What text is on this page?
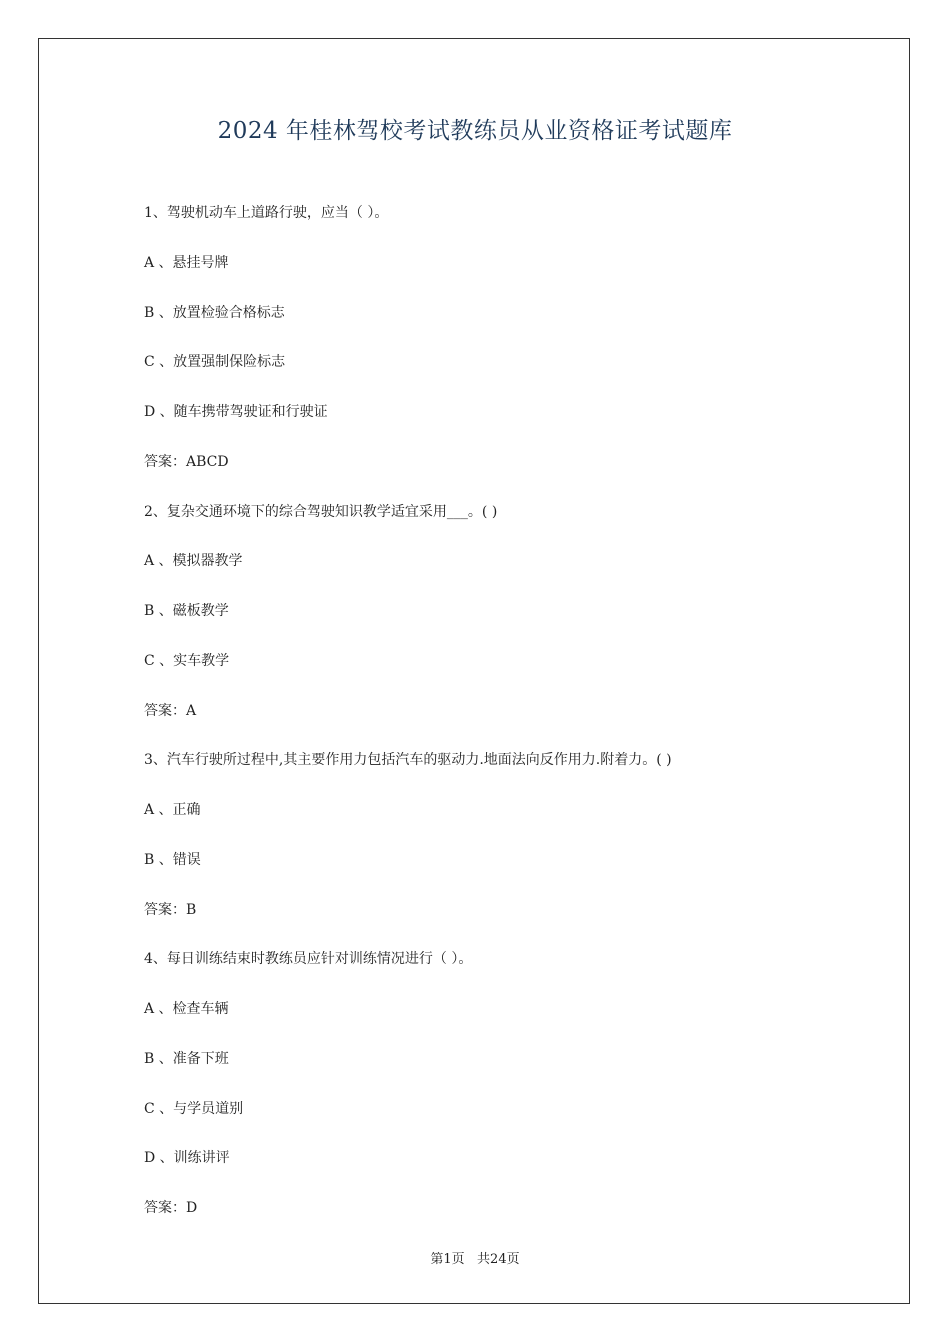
2024 年桂林驾校考试教练员从业资格证考试题库
1、驾驶机动车上道路行驶，应当（ ）。
A 、悬挂号牌
B 、放置检验合格标志
C 、放置强制保险标志
D 、随车携带驾驶证和行驶证
答案：ABCD
2、复杂交通环境下的综合驾驶知识教学适宜采用___。( )
A 、模拟器教学
B 、磁板教学
C 、实车教学
答案：A
3、汽车行驶所过程中,其主要作用力包括汽车的驱动力.地面法向反作用力.附着力。( )
A 、正确
B 、错误
答案：B
4、每日训练结束时教练员应针对训练情况进行（ ）。
A 、检查车辆
B 、准备下班
C 、与学员道别
D 、训练讲评
答案：D
第1页   共24页
